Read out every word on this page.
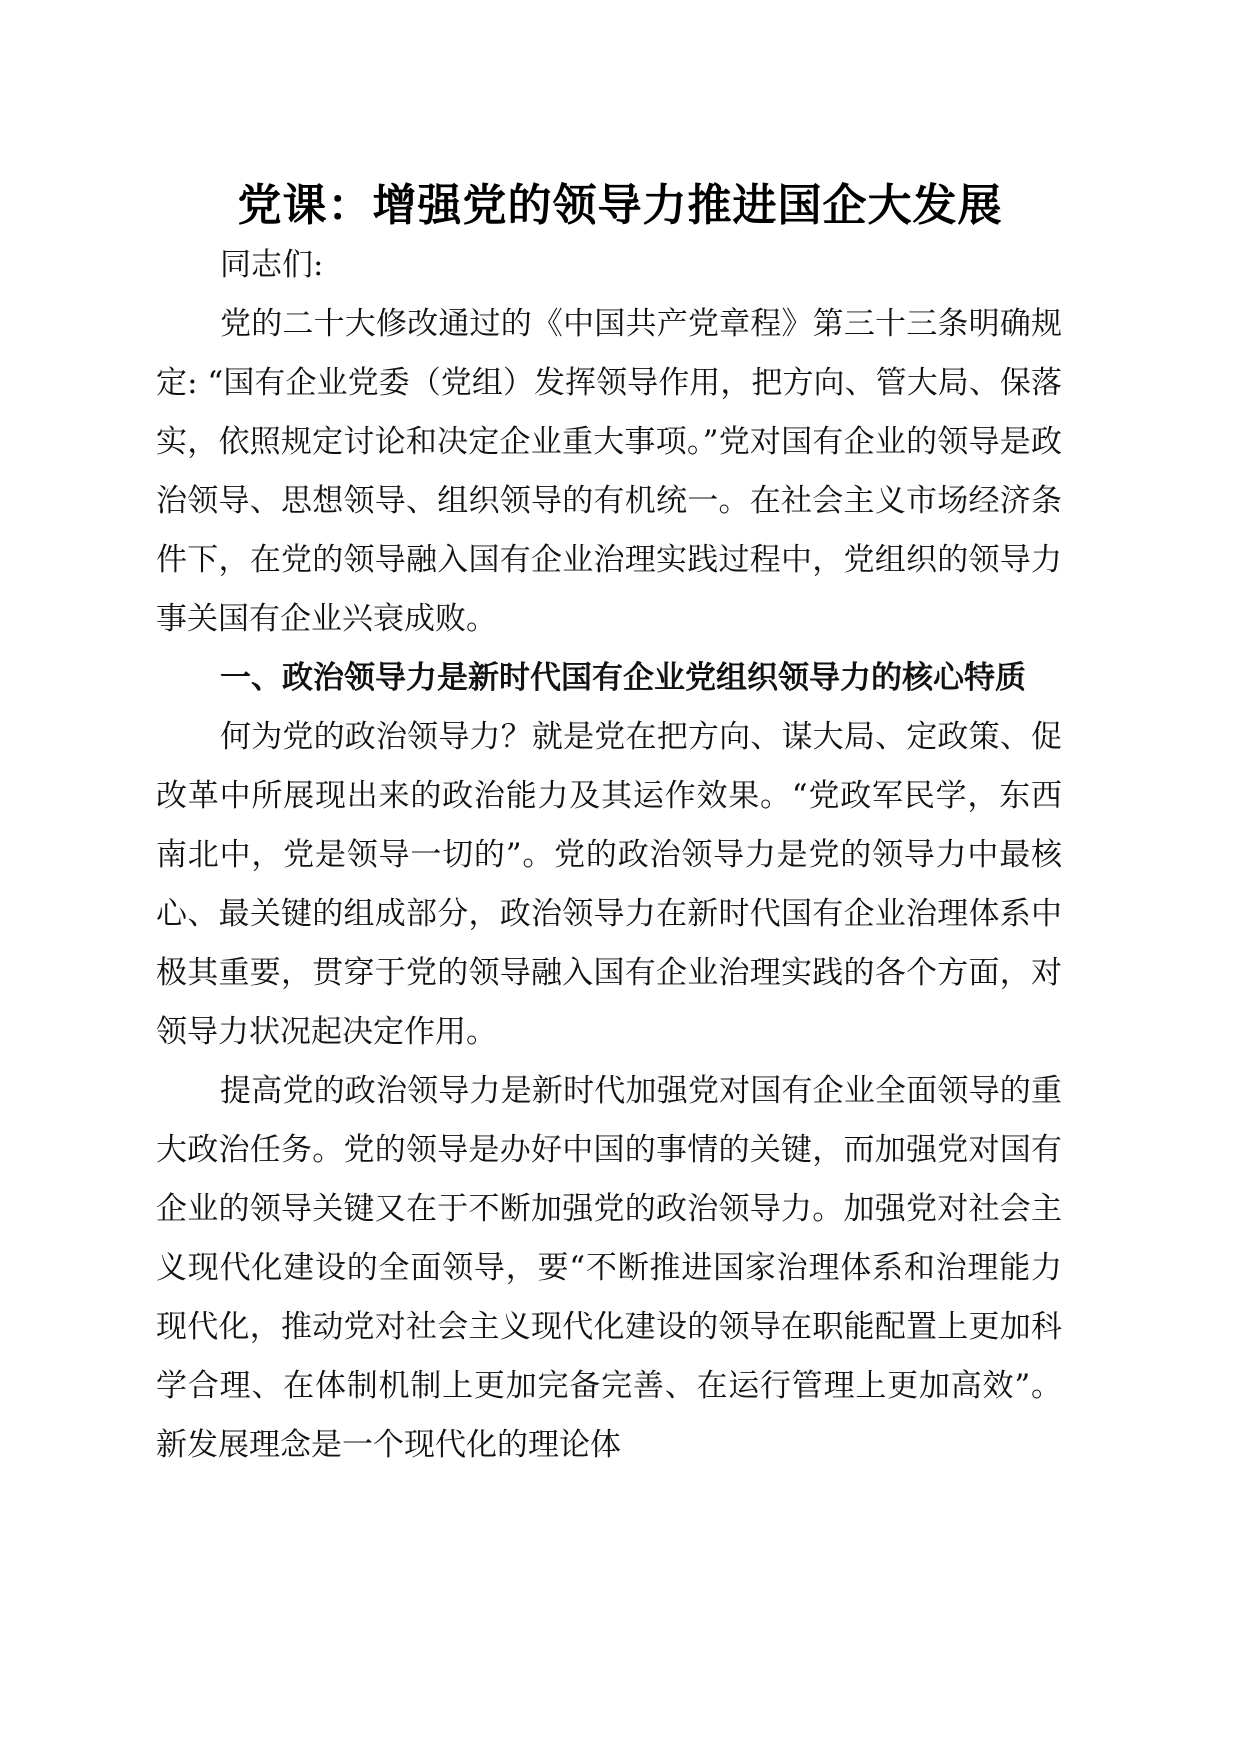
党课：增强党的领导力推进国企大发展

同志们:

党的二十大修改通过的《中国共产党章程》第三十三条明确规定: “国有企业党委（党组）发挥领导作用，把方向、管大局、保落实，依照规定讨论和决定企业重大事项。”党对国有企业的领导是政治领导、思想领导、组织领导的有机统一。在社会主义市场经济条件下，在党的领导融入国有企业治理实践过程中，党组织的领导力事关国有企业兴衰成败。

一、政治领导力是新时代国有企业党组织领导力的核心特质

何为党的政治领导力？就是党在把方向、谋大局、定政策、促改革中所展现出来的政治能力及其运作效果。“党政军民学，东西南北中，党是领导一切的”。党的政治领导力是党的领导力中最核心、最关键的组成部分，政治领导力在新时代国有企业治理体系中极其重要，贯穿于党的领导融入国有企业治理实践的各个方面，对领导力状况起决定作用。

提高党的政治领导力是新时代加强党对国有企业全面领导的重大政治任务。党的领导是办好中国的事情的关键，而加强党对国有企业的领导关键又在于不断加强党的政治领导力。加强党对社会主义现代化建设的全面领导，要“不断推进国家治理体系和治理能力现代化，推动党对社会主义现代化建设的领导在职能配置上更加科学合理、在体制机制上更加完备完善、在运行管理上更加高效”。新发展理念是一个现代化的理论体
